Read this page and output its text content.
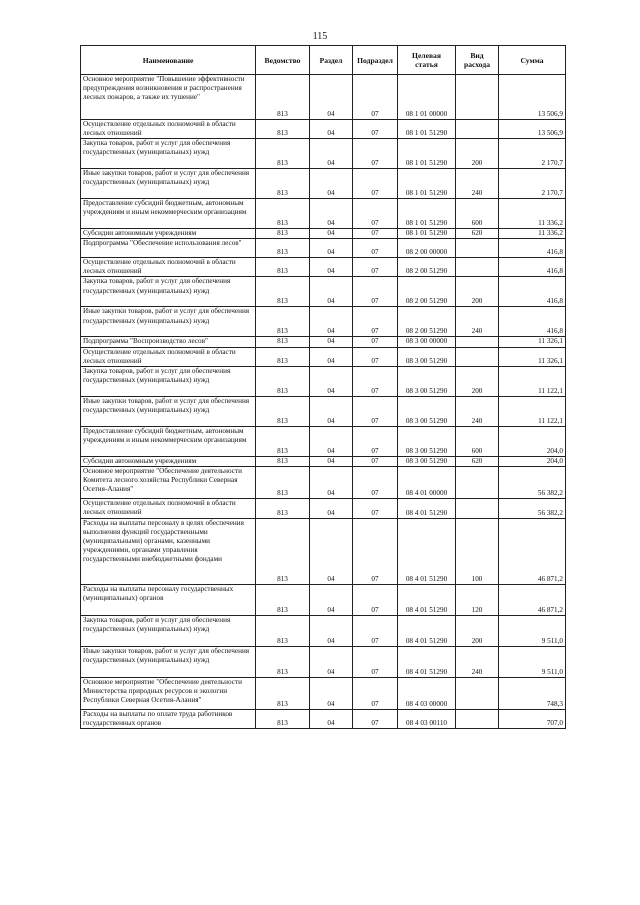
115
Наименование	Ведомство	Раздел	Подраздел	Целевая статья	Вид расхода	Сумма
Основное мероприятие "Повышение эффективности предупреждения возникновения и распространения лесных пожаров, а также их тушение"	813	04	07	08 1 01 00000		13 506,9
Осуществление отдельных полномочий в области лесных отношений	813	04	07	08 1 01 51290		13 506,9
Закупка товаров, работ и услуг для обеспечения государственных (муниципальных) нужд	813	04	07	08 1 01 51290	200	2 170,7
Иные закупки товаров, работ и услуг для обеспечения государственных (муниципальных) нужд	813	04	07	08 1 01 51290	240	2 170,7
Предоставление субсидий бюджетным, автономным учреждениям и иным некоммерческим организациям	813	04	07	08 1 01 51290	600	11 336,2
Субсидии автономным учреждениям	813	04	07	08 1 01 51290	620	11 336,2
Подпрограмма "Обеспечение использования лесов"	813	04	07	08 2 00 00000		416,8
Осуществление отдельных полномочий в области лесных отношений	813	04	07	08 2 00 51290		416,8
Закупка товаров, работ и услуг для обеспечения государственных (муниципальных) нужд	813	04	07	08 2 00 51290	200	416,8
Иные закупки товаров, работ и услуг для обеспечения государственных (муниципальных) нужд	813	04	07	08 2 00 51290	240	416,8
Подпрограмма "Воспроизводство лесов"	813	04	07	08 3 00 00000		11 326,1
Осуществление отдельных полномочий в области лесных отношений	813	04	07	08 3 00 51290		11 326,1
Закупка товаров, работ и услуг для обеспечения государственных (муниципальных) нужд	813	04	07	08 3 00 51290	200	11 122,1
Иные закупки товаров, работ и услуг для обеспечения государственных (муниципальных) нужд	813	04	07	08 3 00 51290	240	11 122,1
Предоставление субсидий бюджетным, автономным учреждениям и иным некоммерческим организациям	813	04	07	08 3 00 51290	600	204,0
Субсидии автономным учреждениям	813	04	07	08 3 00 51290	620	204,0
Основное мероприятие "Обеспечение деятельности Комитета лесного хозяйства Республики Северная Осетия-Алания"	813	04	07	08 4 01 00000		56 382,2
Осуществление отдельных полномочий в области лесных отношений	813	04	07	08 4 01 51290		56 382,2
Расходы на выплаты персоналу в целях обеспечения выполнения функций государственными (муниципальными) органами, казенными учреждениями, органами управления государственными внебюджетными фондами	813	04	07	08 4 01 51290	100	46 871,2
Расходы на выплаты персоналу государственных (муниципальных) органов	813	04	07	08 4 01 51290	120	46 871,2
Закупка товаров, работ и услуг для обеспечения государственных (муниципальных) нужд	813	04	07	08 4 01 51290	200	9 511,0
Иные закупки товаров, работ и услуг для обеспечения государственных (муниципальных) нужд	813	04	07	08 4 01 51290	240	9 511,0
Основное мероприятие "Обеспечение деятельности Министерства природных ресурсов и экологии Республики Северная Осетия-Алания"	813	04	07	08 4 03 00000		748,3
Расходы на выплаты по оплате труда работников государственных органов	813	04	07	08 4 03 00110		707,0
